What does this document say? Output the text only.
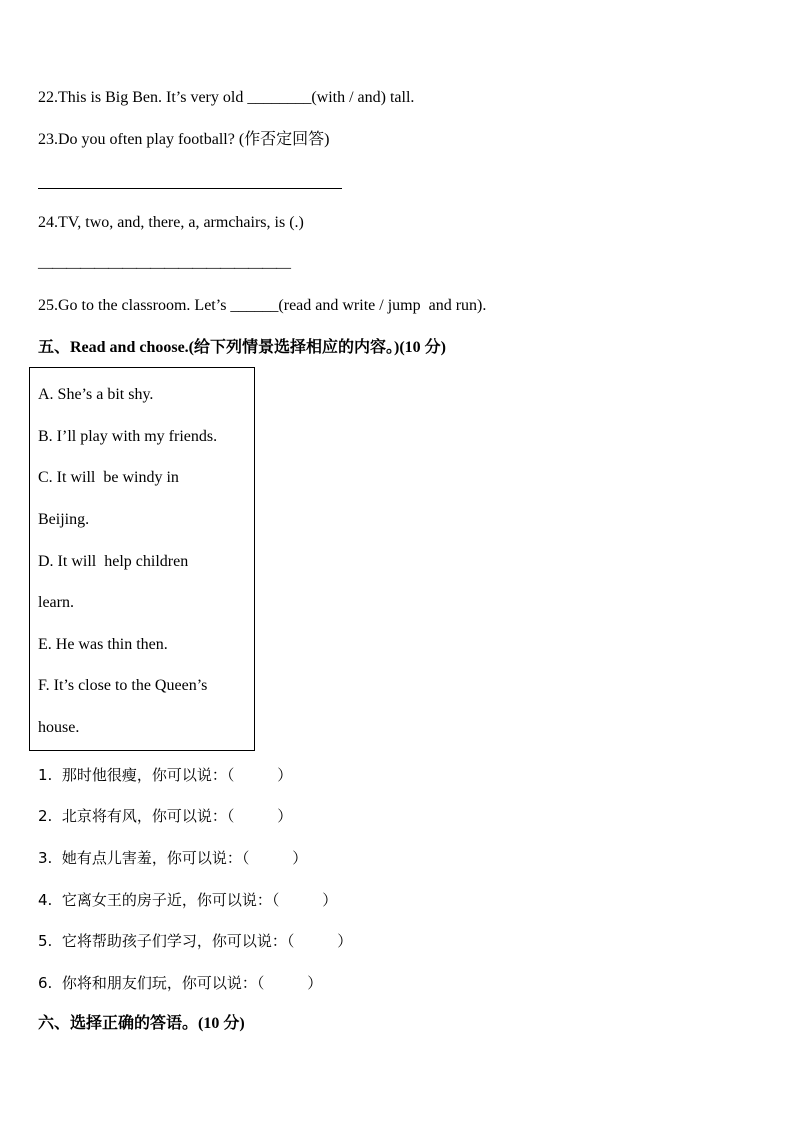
22.This is Big Ben. It’s very old ________(with / and) tall.
23.Do you often play football? (作否定回答)
24.TV, two, and, there, a, armchairs, is (.)
——————————————————
25.Go to the classroom. Let’s ______(read and write / jump  and run).
五、Read and choose.(给下列情景选择相应的内容。)(10 分)
A. She’s a bit shy.
B. I’ll play with my friends.
C. It will  be windy in
Beijing.
D. It will  help children
learn.
E. He was thin then.
F. It’s close to the Queen’s
house.
1.  那时他很瘦，你可以说：（         ）
2.  北京将有风，你可以说：（         ）
3.  她有点儿害羞，你可以说：（         ）
4.  它离女王的房子近，你可以说：（         ）
5.  它将帮助孩子们学习，你可以说：（         ）
6.  你将和朋友们玩，你可以说：（         ）
六、选择正确的答语。(10 分)
